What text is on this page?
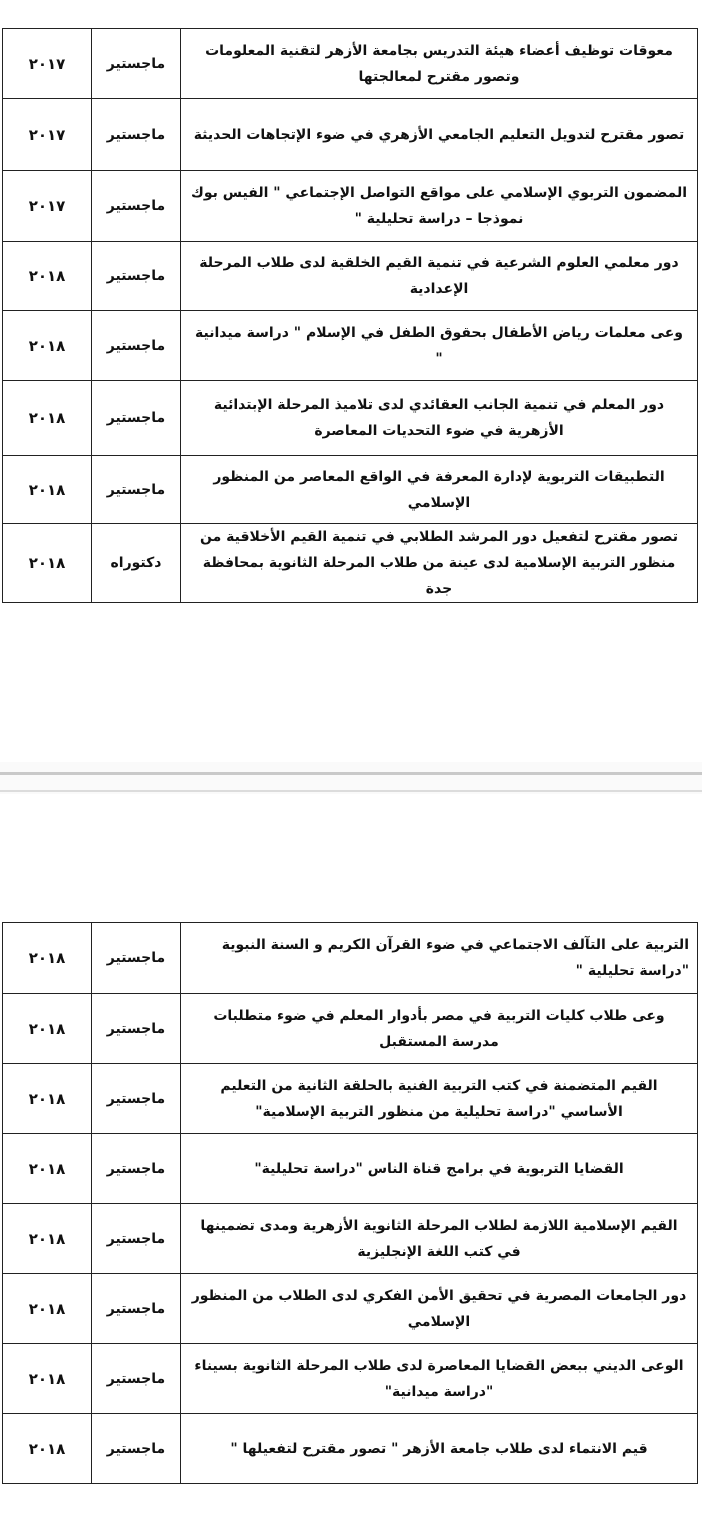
٢٠١٧	ماجستير	معوقات توظيف أعضاء هيئة التدريس بجامعة الأزهر لتقنية المعلومات وتصور مقترح لمعالجتها

٢٠١٧	ماجستير	تصور مقترح لتدويل التعليم الجامعي الأزهري في ضوء الإتجاهات الحديثة

٢٠١٧	ماجستير	المضمون التربوي الإسلامي على مواقع التواصل الإجتماعي " الفيس بوك نموذجا – دراسة تحليلية "

٢٠١٨	ماجستير	دور معلمي العلوم الشرعية في تنمية القيم الخلقية لدى طلاب المرحلة الإعدادية

٢٠١٨	ماجستير	وعى معلمات رياض الأطفال بحقوق الطفل في الإسلام " دراسة ميدانية "

٢٠١٨	ماجستير	دور المعلم في تنمية الجانب العقائدي لدى تلاميذ المرحلة الإبتدائية الأزهرية في ضوء التحديات المعاصرة

٢٠١٨	ماجستير	التطبيقات التربوية لإدارة المعرفة في الواقع المعاصر من المنظور الإسلامي

٢٠١٨	دكتوراه	تصور مقترح لتفعيل دور المرشد الطلابي في تنمية القيم الأخلاقية من منظور التربية الإسلامية لدى عينة من طلاب المرحلة الثانوية بمحافظة جدة
٢٠١٨	ماجستير	التربية على التآلف الاجتماعي في ضوء القرآن الكريم و السنة النبوية "دراسة تحليلية "

٢٠١٨	ماجستير	وعى طلاب كليات التربية في مصر بأدوار المعلم في ضوء متطلبات مدرسة المستقبل

٢٠١٨	ماجستير	القيم المتضمنة في كتب التربية الفنية بالحلقة الثانية من التعليم الأساسي "دراسة تحليلية من منظور التربية الإسلامية"

٢٠١٨	ماجستير	القضايا التربوية في برامج قناة الناس "دراسة تحليلية"

٢٠١٨	ماجستير	القيم الإسلامية اللازمة لطلاب المرحلة الثانوية الأزهرية ومدى تضمينها في كتب اللغة الإنجليزية

٢٠١٨	ماجستير	دور الجامعات المصرية في تحقيق الأمن الفكري لدى الطلاب من المنظور الإسلامي

٢٠١٨	ماجستير	الوعى الديني ببعض القضايا المعاصرة لدى طلاب المرحلة الثانوية بسيناء "دراسة ميدانية"

٢٠١٨	ماجستير	قيم الانتماء لدى طلاب جامعة الأزهر " تصور مقترح لتفعيلها "
